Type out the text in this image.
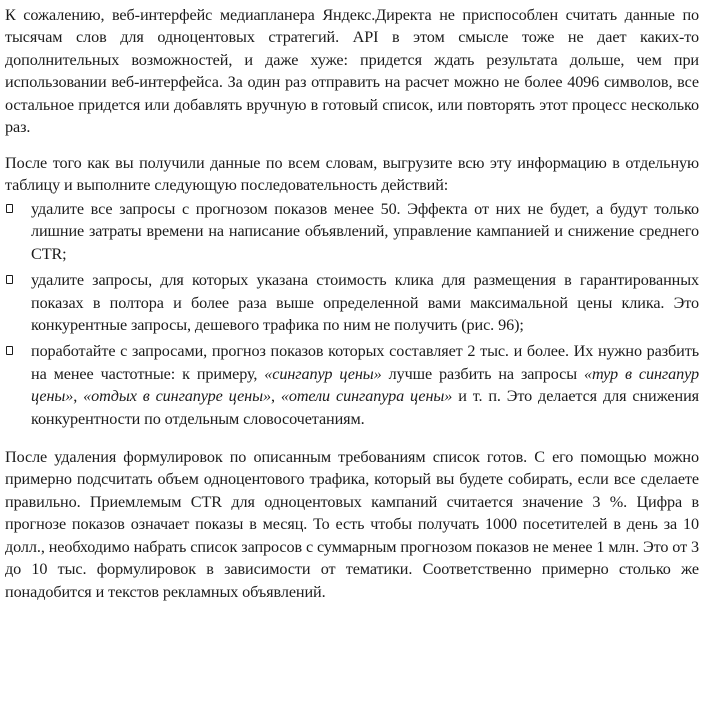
К сожалению, веб-интерфейс медиапланера Яндекс.Директа не приспособлен считать данные по тысячам слов для одноцентовых стратегий. API в этом смысле тоже не дает каких-то дополнительных возможностей, и даже хуже: придется ждать результата дольше, чем при использовании веб-интерфейса. За один раз отправить на расчет можно не более 4096 символов, все остальное придется или добавлять вручную в готовый список, или повторять этот процесс несколько раз.

После того как вы получили данные по всем словам, выгрузите всю эту информацию в отдельную таблицу и выполните следующую последовательность действий:

удалите все запросы с прогнозом показов менее 50. Эффекта от них не будет, а будут только лишние затраты времени на написание объявлений, управление кампанией и снижение среднего CTR;
удалите запросы, для которых указана стоимость клика для размещения в гарантированных показах в полтора и более раза выше определенной вами максимальной цены клика. Это конкурентные запросы, дешевого трафика по ним не получить (рис. 96);
поработайте с запросами, прогноз показов которых составляет 2 тыс. и более. Их нужно разбить на менее частотные: к примеру, «сингапур цены» лучше разбить на запросы «тур в сингапур цены», «отдых в сингапуре цены», «отели сингапура цены» и т. п. Это делается для снижения конкурентности по отдельным словосочетаниям.

После удаления формулировок по описанным требованиям список готов. С его помощью можно примерно подсчитать объем одноцентового трафика, который вы будете собирать, если все сделаете правильно. Приемлемым CTR для одноцентовых кампаний считается значение 3 %. Цифра в прогнозе показов означает показы в месяц. То есть чтобы получать 1000 посетителей в день за 10 долл., необходимо набрать список запросов с суммарным прогнозом показов не менее 1 млн. Это от 3 до 10 тыс. формулировок в зависимости от тематики. Соответственно примерно столько же понадобится и текстов рекламных объявлений.
